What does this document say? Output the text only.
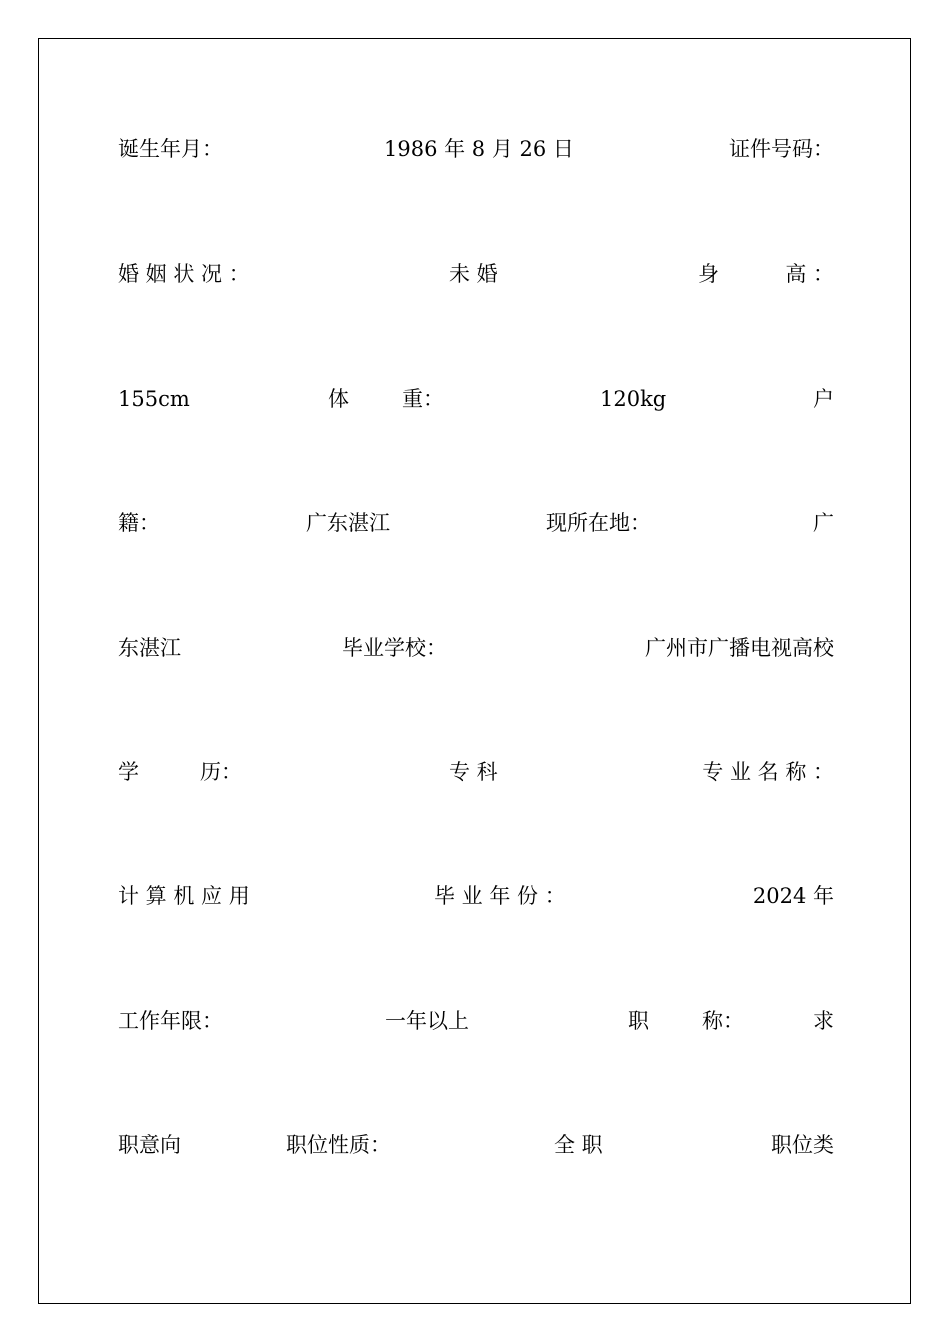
诞生年月：	1986 年 8 月 26 日	证件号码：
婚 姻 状 况 ：	未 婚	身	高 ：
155cm	体	重：	120kg	户
籍：	广东湛江	现所在地：	广
东湛江	毕业学校：	广州市广播电视高校
学	历：	专 科	专 业 名 称 ：
计 算 机 应 用	毕 业 年 份 ：	2024 年
工作年限：	一年以上	职	称：	求
职意向	职位性质：	全 职	职位类
